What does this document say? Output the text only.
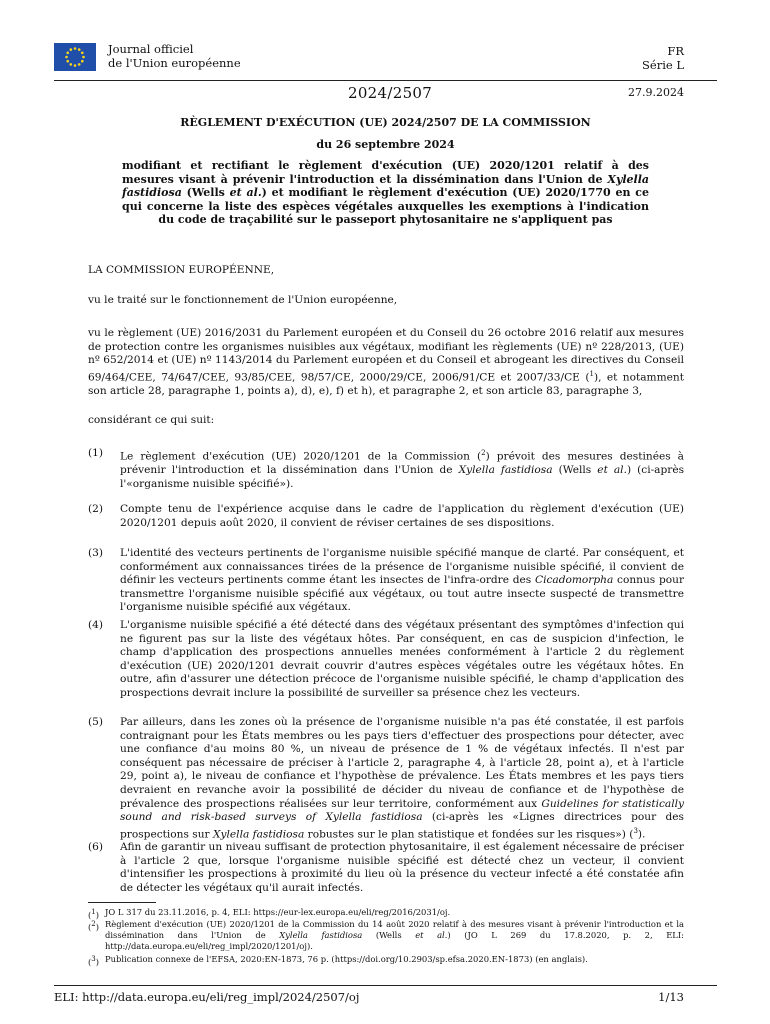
Journal officiel
de l'Union européenne
FR
Série L
2024/2507	27.9.2024
RÈGLEMENT D'EXÉCUTION (UE) 2024/2507 DE LA COMMISSION
du 26 septembre 2024
modifiant et rectifiant le règlement d'exécution (UE) 2020/1201 relatif à des mesures visant à prévenir l'introduction et la dissémination dans l'Union de Xylella fastidiosa (Wells et al.) et modifiant le règlement d'exécution (UE) 2020/1770 en ce qui concerne la liste des espèces végétales auxquelles les exemptions à l'indication du code de traçabilité sur le passeport phytosanitaire ne s'appliquent pas
LA COMMISSION EUROPÉENNE,
vu le traité sur le fonctionnement de l'Union européenne,
vu le règlement (UE) 2016/2031 du Parlement européen et du Conseil du 26 octobre 2016 relatif aux mesures de protection contre les organismes nuisibles aux végétaux, modifiant les règlements (UE) nº 228/2013, (UE) nº 652/2014 et (UE) nº 1143/2014 du Parlement européen et du Conseil et abrogeant les directives du Conseil 69/464/CEE, 74/647/CEE, 93/85/CEE, 98/57/CE, 2000/29/CE, 2006/91/CE et 2007/33/CE ($^1$), et notamment son article 28, paragraphe 1, points a), d), e), f) et h), et paragraphe 2, et son article 83, paragraphe 3,
considérant ce qui suit:
(1) Le règlement d'exécution (UE) 2020/1201 de la Commission ($^2$) prévoit des mesures destinées à prévenir l'introduction et la dissémination dans l'Union de Xylella fastidiosa (Wells et al.) (ci-après l'«organisme nuisible spécifié»).
(2) Compte tenu de l'expérience acquise dans le cadre de l'application du règlement d'exécution (UE) 2020/1201 depuis août 2020, il convient de réviser certaines de ses dispositions.
(3) L'identité des vecteurs pertinents de l'organisme nuisible spécifié manque de clarté. Par conséquent, et conformément aux connaissances tirées de la présence de l'organisme nuisible spécifié, il convient de définir les vecteurs pertinents comme étant les insectes de l'infra-ordre des Cicadomorpha connus pour transmettre l'organisme nuisible spécifié aux végétaux, ou tout autre insecte suspecté de transmettre l'organisme nuisible spécifié aux végétaux.
(4) L'organisme nuisible spécifié a été détecté dans des végétaux présentant des symptômes d'infection qui ne figurent pas sur la liste des végétaux hôtes. Par conséquent, en cas de suspicion d'infection, le champ d'application des prospections annuelles menées conformément à l'article 2 du règlement d'exécution (UE) 2020/1201 devrait couvrir d'autres espèces végétales outre les végétaux hôtes. En outre, afin d'assurer une détection précoce de l'organisme nuisible spécifié, le champ d'application des prospections devrait inclure la possibilité de surveiller sa présence chez les vecteurs.
(5) Par ailleurs, dans les zones où la présence de l'organisme nuisible n'a pas été constatée, il est parfois contraignant pour les États membres ou les pays tiers d'effectuer des prospections pour détecter, avec une confiance d'au moins 80 %, un niveau de présence de 1 % de végétaux infectés. Il n'est par conséquent pas nécessaire de préciser à l'article 2, paragraphe 4, à l'article 28, point a), et à l'article 29, point a), le niveau de confiance et l'hypothèse de prévalence. Les États membres et les pays tiers devraient en revanche avoir la possibilité de décider du niveau de confiance et de l'hypothèse de prévalence des prospections réalisées sur leur territoire, conformément aux Guidelines for statistically sound and risk-based surveys of Xylella fastidiosa (ci-après les «Lignes directrices pour des prospections sur Xylella fastidiosa robustes sur le plan statistique et fondées sur les risques») ($^3$).
(6) Afin de garantir un niveau suffisant de protection phytosanitaire, il est également nécessaire de préciser à l'article 2 que, lorsque l'organisme nuisible spécifié est détecté chez un vecteur, il convient d'intensifier les prospections à proximité du lieu où la présence du vecteur infecté a été constatée afin de détecter les végétaux qu'il aurait infectés.
($^1$) JO L 317 du 23.11.2016, p. 4, ELI: https://eur-lex.europa.eu/eli/reg/2016/2031/oj.
($^2$) Règlement d'exécution (UE) 2020/1201 de la Commission du 14 août 2020 relatif à des mesures visant à prévenir l'introduction et la dissémination dans l'Union de Xylella fastidiosa (Wells et al.) (JO L 269 du 17.8.2020, p. 2, ELI: http://data.europa.eu/eli/reg_impl/2020/1201/oj).
($^3$) Publication connexe de l'EFSA, 2020:EN-1873, 76 p. (https://doi.org/10.2903/sp.efsa.2020.EN-1873) (en anglais).
ELI: http://data.europa.eu/eli/reg_impl/2024/2507/oj	1/13
